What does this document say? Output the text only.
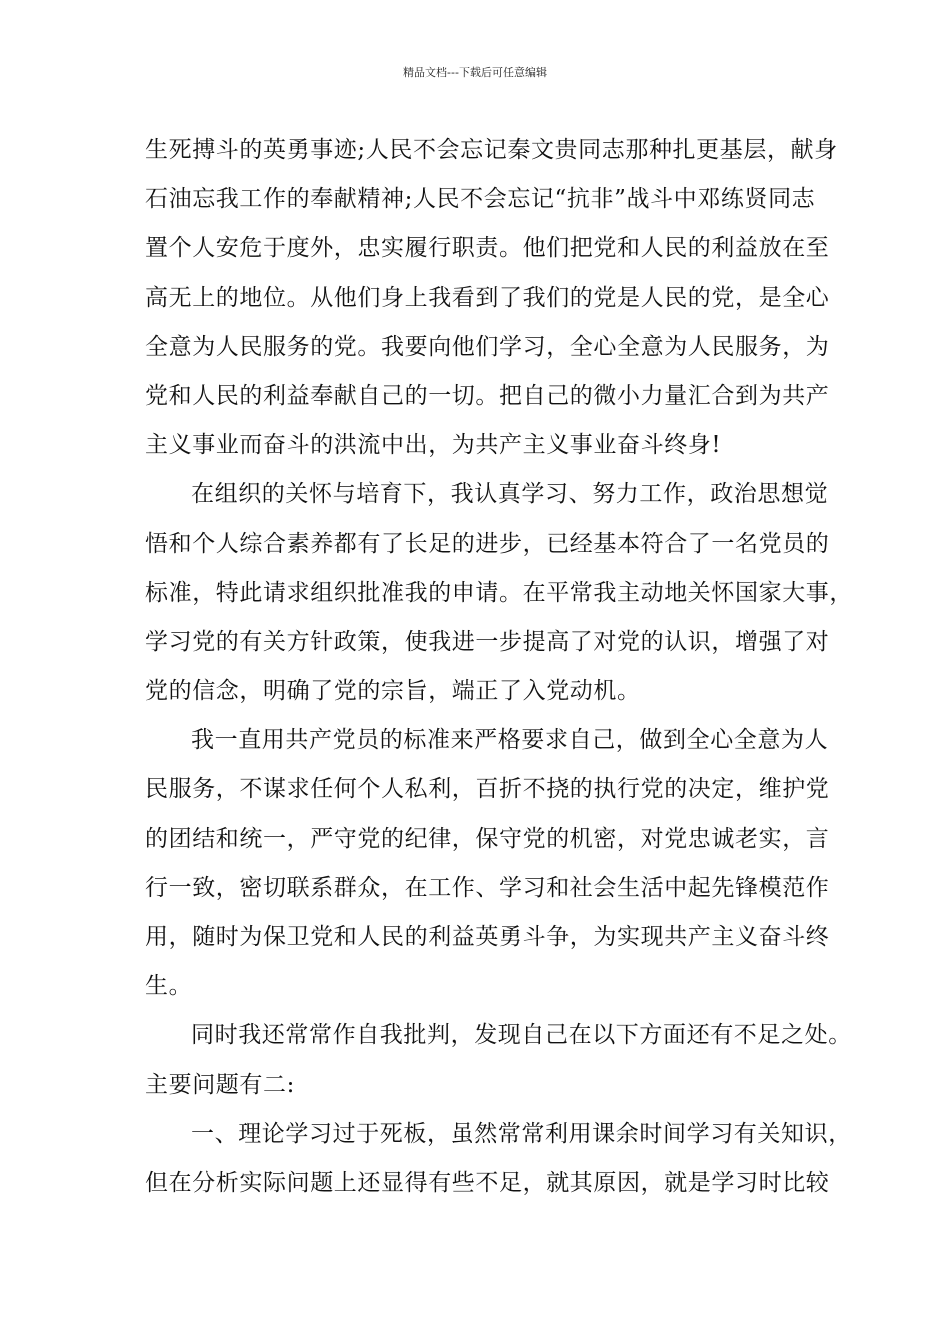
精品文档---下载后可任意编辑
生死搏斗的英勇事迹;人民不会忘记秦文贵同志那种扎更基层，献身
石油忘我工作的奉献精神;人民不会忘记“抗非”战斗中邓练贤同志
置个人安危于度外，忠实履行职责。他们把党和人民的利益放在至
高无上的地位。从他们身上我看到了我们的党是人民的党，是全心
全意为人民服务的党。我要向他们学习，全心全意为人民服务，为
党和人民的利益奉献自己的一切。把自己的微小力量汇合到为共产
主义事业而奋斗的洪流中出，为共产主义事业奋斗终身!
在组织的关怀与培育下，我认真学习、努力工作，政治思想觉
悟和个人综合素养都有了长足的进步，已经基本符合了一名党员的
标准，特此请求组织批准我的申请。在平常我主动地关怀国家大事，
学习党的有关方针政策，使我进一步提高了对党的认识，增强了对
党的信念，明确了党的宗旨，端正了入党动机。
我一直用共产党员的标准来严格要求自己，做到全心全意为人
民服务，不谋求任何个人私利，百折不挠的执行党的决定，维护党
的团结和统一，严守党的纪律，保守党的机密，对党忠诚老实，言
行一致，密切联系群众，在工作、学习和社会生活中起先锋模范作
用，随时为保卫党和人民的利益英勇斗争，为实现共产主义奋斗终
生。
同时我还常常作自我批判，发现自己在以下方面还有不足之处。
主要问题有二:
一、理论学习过于死板，虽然常常利用课余时间学习有关知识，
但在分析实际问题上还显得有些不足，就其原因，就是学习时比较
